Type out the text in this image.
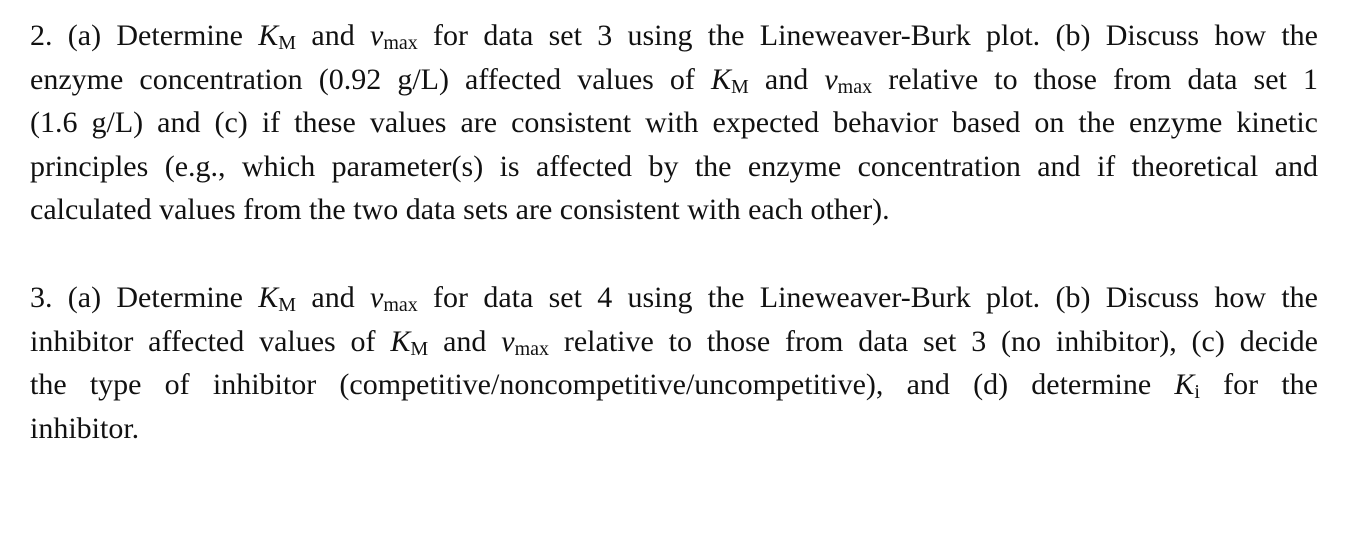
2. (a) Determine $K_M$ and $v_{max}$ for data set 3 using the Lineweaver-Burk plot. (b) Discuss how the
enzyme concentration (0.92 g/L) affected values of $K_M$ and $v_{max}$ relative to those from data set 1
(1.6 g/L) and (c) if these values are consistent with expected behavior based on the enzyme kinetic
principles (e.g., which parameter(s) is affected by the enzyme concentration and if theoretical and
calculated values from the two data sets are consistent with each other).
3. (a) Determine $K_M$ and $v_{max}$ for data set 4 using the Lineweaver-Burk plot. (b) Discuss how the
inhibitor affected values of $K_M$ and $v_{max}$ relative to those from data set 3 (no inhibitor), (c) decide
the type of inhibitor (competitive/noncompetitive/uncompetitive), and (d) determine $K_i$ for the
inhibitor.
